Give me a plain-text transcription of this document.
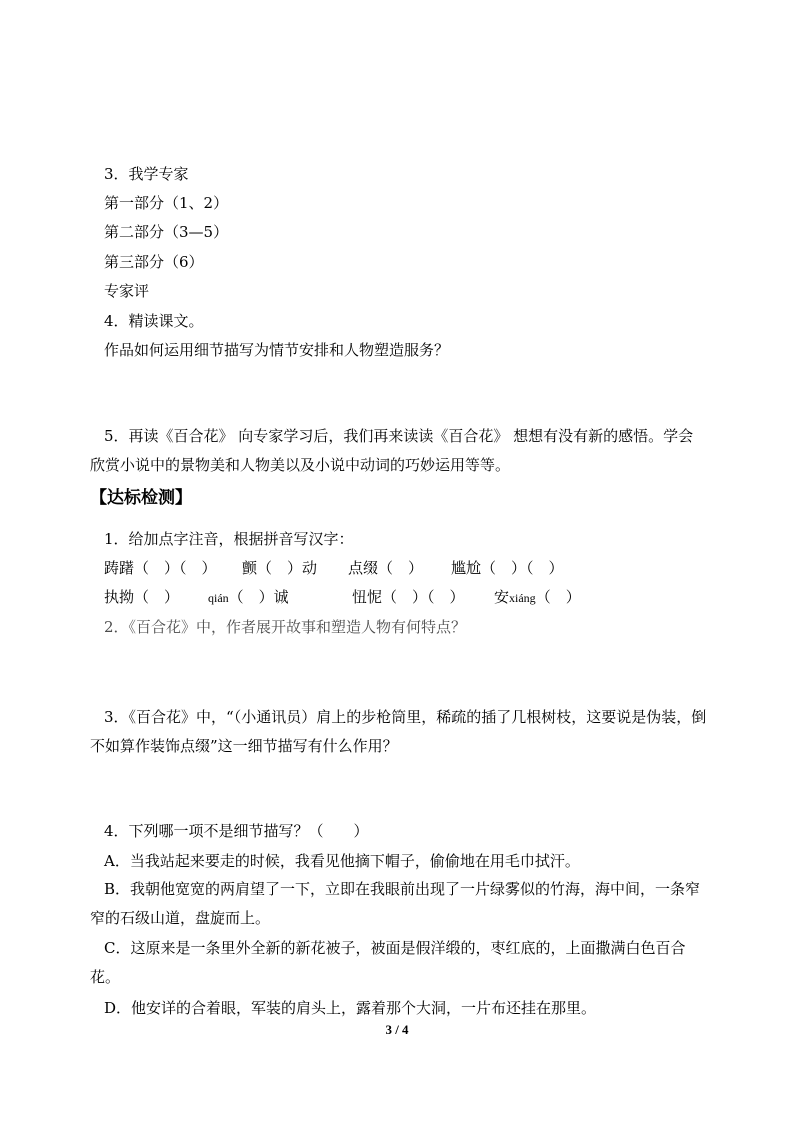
3．我学专家
第一部分（1、2）
第二部分（3—5）
第三部分（6）
专家评
4．精读课文。
作品如何运用细节描写为情节安排和人物塑造服务？
5．再读《百合花》 向专家学习后，我们再来读读《百合花》 想想有没有新的感悟。学会欣赏小说中的景物美和人物美以及小说中动词的巧妙运用等等。
【达标检测】
1．给加点字注音，根据拼音写汉字：
踌躇（　）（　） 颤（　）动 点缀（　） 尴尬（　）（　）
执拗（　） qián（　）诚	忸怩（　）（　） 安xiáng（　）
2．《百合花》中，作者展开故事和塑造人物有何特点？
3．《百合花》中，“（小通讯员）肩上的步枪筒里，稀疏的插了几根树枝，这要说是伪装，倒不如算作装饰点缀”这一细节描写有什么作用？
4．下列哪一项不是细节描写？（　　）
A．当我站起来要走的时候，我看见他摘下帽子，偷偷地在用毛巾拭汗。
B．我朝他宽宽的两肩望了一下，立即在我眼前出现了一片绿雾似的竹海，海中间，一条窄窄的石级山道，盘旋而上。
C．这原来是一条里外全新的新花被子，被面是假洋缎的，枣红底的，上面撒满白色百合花。
D．他安详的合着眼，军装的肩头上，露着那个大洞，一片布还挂在那里。
3 / 4
